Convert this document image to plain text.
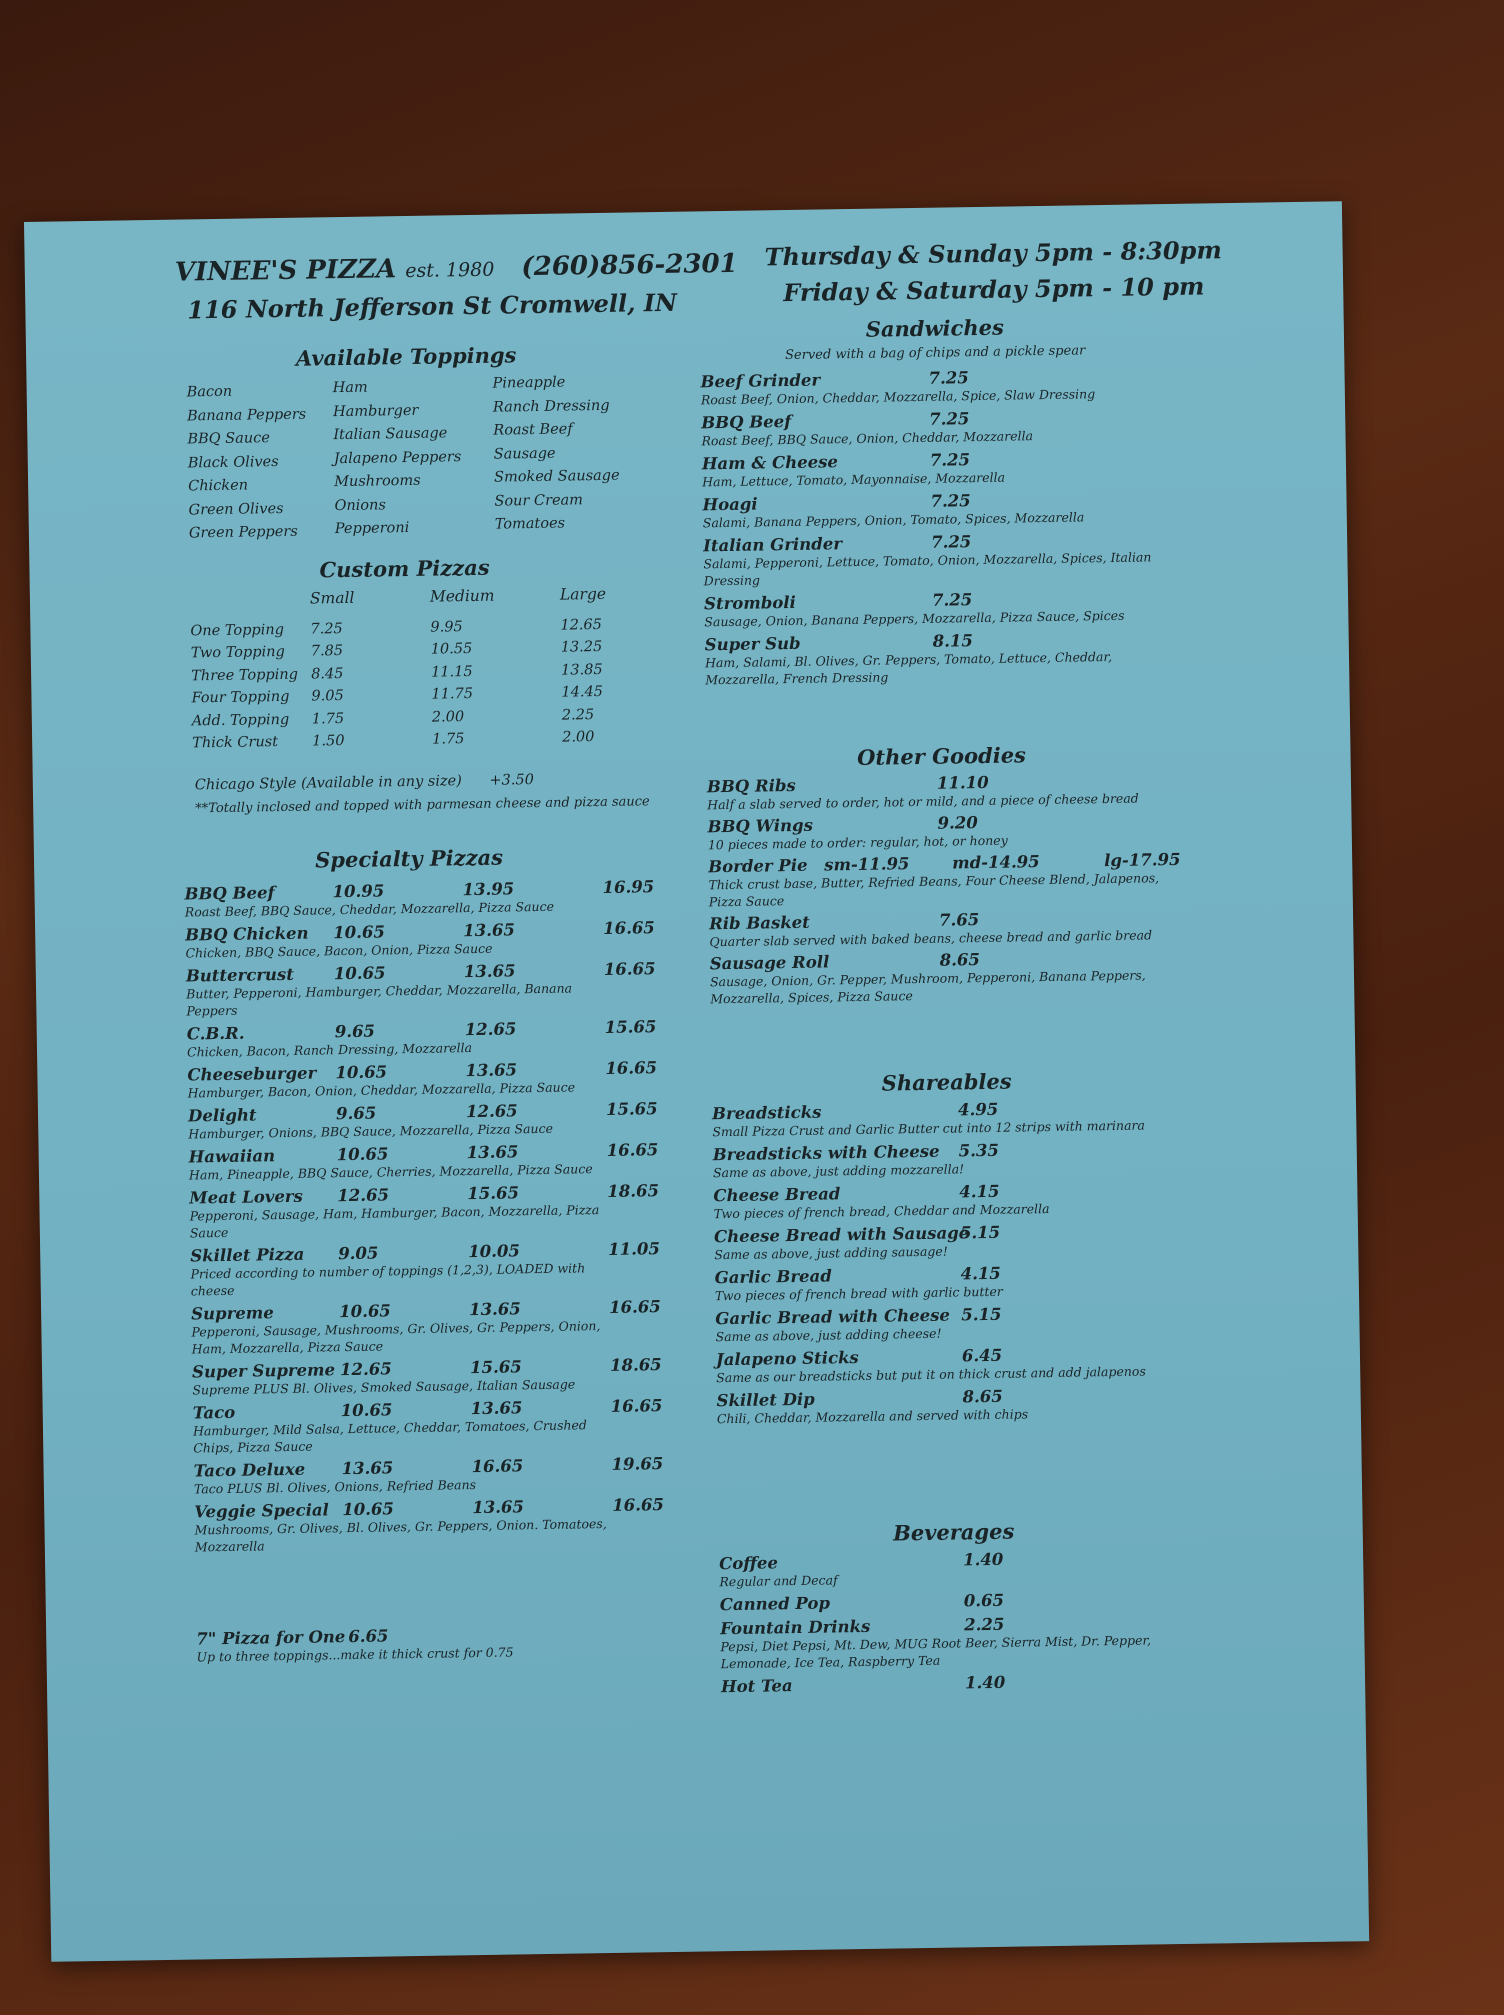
VINEE'S PIZZA est. 1980 (260)856-2301
116 North Jefferson St Cromwell, IN
Thursday & Sunday 5pm - 8:30pm
Friday & Saturday 5pm - 10 pm
Available Toppings
Bacon
Banana Peppers
BBQ Sauce
Black Olives
Chicken
Green Olives
Green Peppers
Ham
Hamburger
Italian Sausage
Jalapeno Peppers
Mushrooms
Onions
Pepperoni
Pineapple
Ranch Dressing
Roast Beef
Sausage
Smoked Sausage
Sour Cream
Tomatoes
Custom Pizzas
	Small	Medium	Large

One Topping	7.25	9.95	12.65
Two Topping	7.85	10.55	13.25
Three Topping	8.45	11.15	13.85
Four Topping	9.05	11.75	14.45
Add. Topping	1.75	2.00	2.25
Thick Crust	1.50	1.75	2.00
Chicago Style (Available in any size) +3.50
**Totally inclosed and topped with parmesan cheese and pizza sauce
Specialty Pizzas
BBQ Beef	10.95	13.95	16.95
Roast Beef, BBQ Sauce, Cheddar, Mozzarella, Pizza Sauce
BBQ Chicken 10.65	13.65	16.65
Chicken, BBQ Sauce, Bacon, Onion, Pizza Sauce
Buttercrust 10.65	13.65	16.65
Butter, Pepperoni, Hamburger, Cheddar, Mozzarella, Banana Peppers
C.B.R.	9.65	12.65	15.65
Chicken, Bacon, Ranch Dressing, Mozzarella
Cheeseburger 10.65	13.65	16.65
Hamburger, Bacon, Onion, Cheddar, Mozzarella, Pizza Sauce
Delight	9.65	12.65	15.65
Hamburger, Onions, BBQ Sauce, Mozzarella, Pizza Sauce
Hawaiian	10.65	13.65	16.65
Ham, Pineapple, BBQ Sauce, Cherries, Mozzarella, Pizza Sauce
Meat Lovers 12.65	15.65	18.65
Pepperoni, Sausage, Ham, Hamburger, Bacon, Mozzarella, Pizza Sauce
Skillet Pizza 9.05	10.05	11.05
Priced according to number of toppings (1,2,3), LOADED with cheese
Supreme	10.65	13.65	16.65
Pepperoni, Sausage, Mushrooms, Gr. Olives, Gr. Peppers, Onion, Ham, Mozzarella, Pizza Sauce
Super Supreme 12.65	15.65	18.65
Supreme PLUS Bl. Olives, Smoked Sausage, Italian Sausage
Taco	10.65	13.65	16.65
Hamburger, Mild Salsa, Lettuce, Cheddar, Tomatoes, Crushed Chips, Pizza Sauce
Taco Deluxe 13.65	16.65	19.65
Taco PLUS Bl. Olives, Onions, Refried Beans
Veggie Special 10.65	13.65	16.65
Mushrooms, Gr. Olives, Bl. Olives, Gr. Peppers, Onion. Tomatoes, Mozzarella
Sandwiches
Served with a bag of chips and a pickle spear
Beef Grinder	7.25
Roast Beef, Onion, Cheddar, Mozzarella, Spice, Slaw Dressing
BBQ Beef	7.25
Roast Beef, BBQ Sauce, Onion, Cheddar, Mozzarella
Ham & Cheese	7.25
Ham, Lettuce, Tomato, Mayonnaise, Mozzarella
Hoagi	7.25
Salami, Banana Peppers, Onion, Tomato, Spices, Mozzarella
Italian Grinder	7.25
Salami, Pepperoni, Lettuce, Tomato, Onion, Mozzarella, Spices, Italian Dressing
Stromboli	7.25
Sausage, Onion, Banana Peppers, Mozzarella, Pizza Sauce, Spices
Super Sub	8.15
Ham, Salami, Bl. Olives, Gr. Peppers, Tomato, Lettuce, Cheddar, Mozzarella, French Dressing
Other Goodies
BBQ Ribs	11.10
Half a slab served to order, hot or mild, and a piece of cheese bread
BBQ Wings	9.20
10 pieces made to order: regular, hot, or honey
Border Pie sm-11.95	md-14.95	lg-17.95
Thick crust base, Butter, Refried Beans, Four Cheese Blend, Jalapenos, Pizza Sauce
Rib Basket	7.65
Quarter slab served with baked beans, cheese bread and garlic bread
Sausage Roll	8.65
Sausage, Onion, Gr. Pepper, Mushroom, Pepperoni, Banana Peppers, Mozzarella, Spices, Pizza Sauce
Shareables
Breadsticks	4.95
Small Pizza Crust and Garlic Butter cut into 12 strips with marinara
Breadsticks with Cheese 5.35
Same as above, just adding mozzarella!
Cheese Bread	4.15
Two pieces of french bread, Cheddar and Mozzarella
Cheese Bread with Sausage
5.15
Same as above, just adding sausage!
Garlic Bread	4.15
Two pieces of french bread with garlic butter
Garlic Bread with Cheese 5.15
Same as above, just adding cheese!
Jalapeno Sticks	6.45
Same as our breadsticks but put it on thick crust and add jalapenos
Skillet Dip	8.65
Chili, Cheddar, Mozzarella and served with chips
Beverages
Coffee	1.40
Regular and Decaf
Canned Pop	0.65
Fountain Drinks	2.25
Pepsi, Diet Pepsi, Mt. Dew, MUG Root Beer, Sierra Mist, Dr. Pepper, Lemonade, Ice Tea, Raspberry Tea
Hot Tea	1.40
7" Pizza for One 6.65
Up to three toppings...make it thick crust for 0.75
